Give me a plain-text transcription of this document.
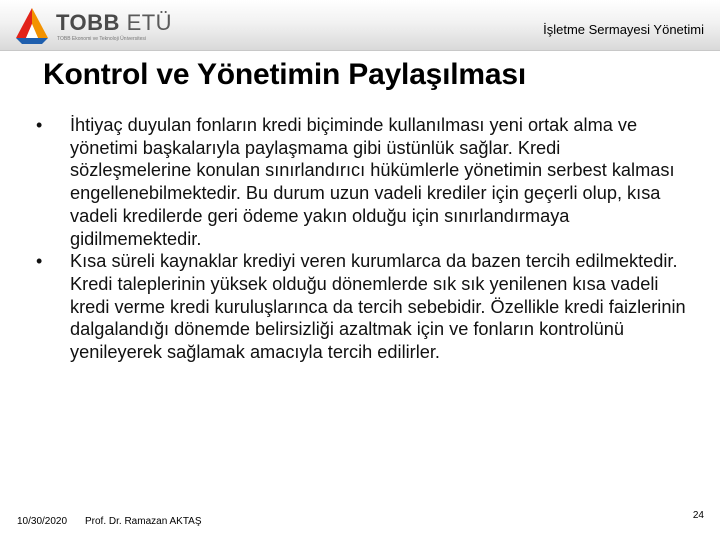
TOBB ETÜ
TOBB Ekonomi ve Teknoloji Üniversitesi
İşletme Sermayesi Yönetimi
Kontrol ve Yönetimin Paylaşılması

•	İhtiyaç duyulan fonların kredi biçiminde kullanılması yeni ortak alma ve yönetimi başkalarıyla paylaşmama gibi üstünlük sağlar. Kredi sözleşmelerine konulan sınırlandırıcı hükümlerle yönetimin serbest kalması engellenebilmektedir. Bu durum uzun vadeli krediler için geçerli olup, kısa vadeli kredilerde geri ödeme yakın olduğu için sınırlandırmaya gidilmemektedir.

•	Kısa süreli kaynaklar krediyi veren kurumlarca da bazen tercih edilmektedir. Kredi taleplerinin yüksek olduğu dönemlerde sık sık yenilenen kısa vadeli kredi verme kredi kuruluşlarınca da tercih sebebidir. Özellikle kredi faizlerinin dalgalandığı dönemde belirsizliği azaltmak için ve fonların kontrolünü yenileyerek sağlamak amacıyla tercih edilirler.

10/30/2020 Prof. Dr. Ramazan AKTAŞ
24
